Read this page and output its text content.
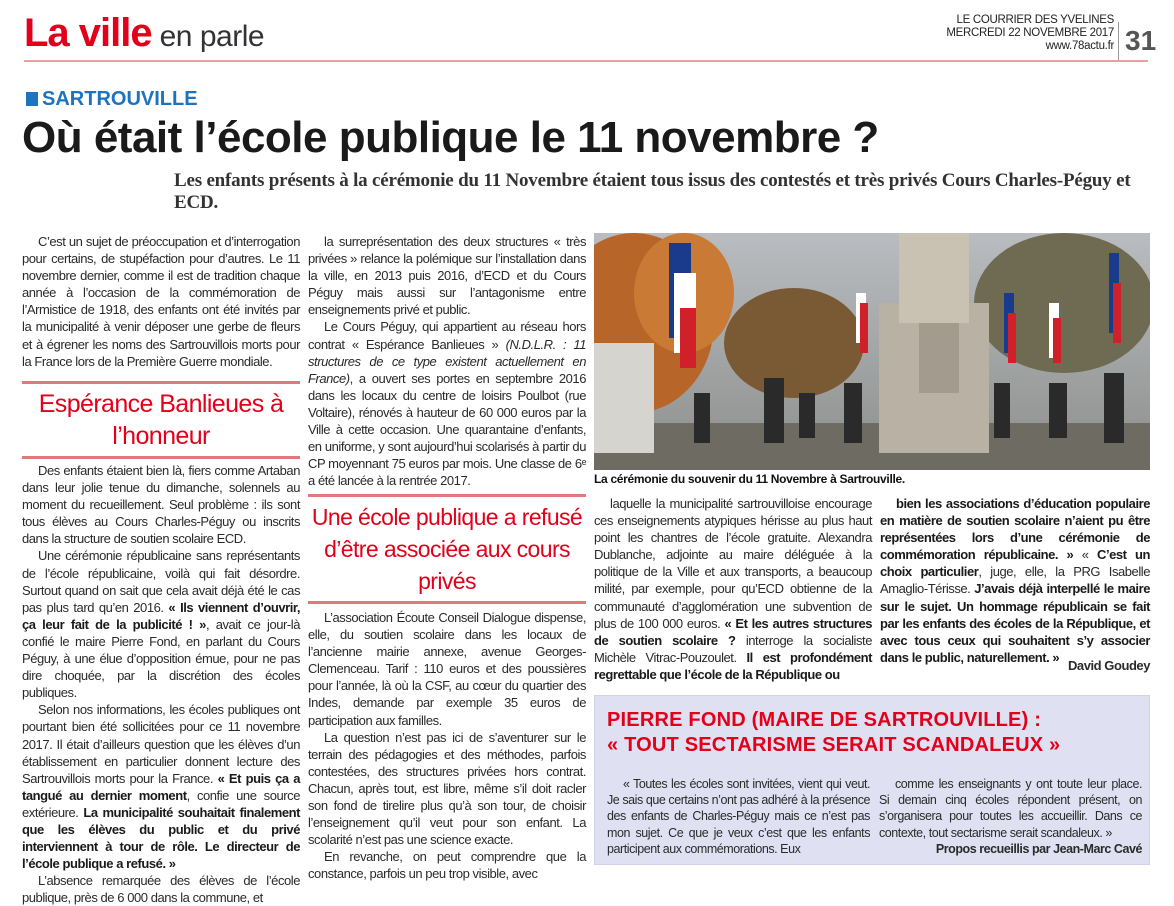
La ville en parle	LE COURRIER DES YVELINES
MERCREDI 22 NOVEMBRE 2017
www.78actu.fr 31
SARTROUVILLE
Où était l’école publique le 11 novembre ?
Les enfants présents à la cérémonie du 11 Novembre étaient tous issus des contestés et très privés Cours Charles-Péguy et ECD.

C’est un sujet de préoccupation et d’interrogation pour certains, de stupéfaction pour d’autres. Le 11 novembre dernier, comme il est de tradition chaque année à l’occasion de la commémoration de l’Armistice de 1918, des enfants ont été invités par la municipalité à venir déposer une gerbe de fleurs et à égrener les noms des Sartrouvillois morts pour la France lors de la Première Guerre mondiale.

Espérance Banlieues à l’honneur

Des enfants étaient bien là, fiers comme Artaban dans leur jolie tenue du dimanche, solennels au moment du recueillement. Seul problème : ils sont tous élèves au Cours Charles-Péguy ou inscrits dans la structure de soutien scolaire ECD.

Une cérémonie républicaine sans représentants de l’école républicaine, voilà qui fait désordre. Surtout quand on sait que cela avait déjà été le cas pas plus tard qu’en 2016. « Ils viennent d’ouvrir, ça leur fait de la publicité ! », avait ce jour-là confié le maire Pierre Fond, en parlant du Cours Péguy, à une élue d’opposition émue, pour ne pas dire choquée, par la discrétion des écoles publiques.

Selon nos informations, les écoles publiques ont pourtant bien été sollicitées pour ce 11 novembre 2017. Il était d’ailleurs question que les élèves d’un établissement en particulier donnent lecture des Sartrouvillois morts pour la France. « Et puis ça a tangué au dernier moment, confie une source extérieure. La municipalité souhaitait finalement que les élèves du public et du privé interviennent à tour de rôle. Le directeur de l’école publique a refusé. »

L’absence remarquée des élèves de l’école publique, près de 6 000 dans la commune, et

la surreprésentation des deux structures « très privées » relance la polémique sur l’installation dans la ville, en 2013 puis 2016, d’ECD et du Cours Péguy mais aussi sur l’antagonisme entre enseignements privé et public.

Le Cours Péguy, qui appartient au réseau hors contrat « Espérance Banlieues » (N.D.L.R. : 11 structures de ce type existent actuellement en France), a ouvert ses portes en septembre 2016 dans les locaux du centre de loisirs Poulbot (rue Voltaire), rénovés à hauteur de 60 000 euros par la Ville à cette occasion. Une quarantaine d’enfants, en uniforme, y sont aujourd’hui scolarisés à partir du CP moyennant 75 euros par mois. Une classe de 6ᵉ a été lancée à la rentrée 2017.

Une école publique a refusé d’être associée aux cours privés

L’association Écoute Conseil Dialogue dispense, elle, du soutien scolaire dans les locaux de l’ancienne mairie annexe, avenue Georges-Clemenceau. Tarif : 110 euros et des poussières pour l’année, là où la CSF, au cœur du quartier des Indes, demande par exemple 35 euros de participation aux familles.

La question n’est pas ici de s’aventurer sur le terrain des pédagogies et des méthodes, parfois contestées, des structures privées hors contrat. Chacun, après tout, est libre, même s’il doit racler son fond de tirelire plus qu’à son tour, de choisir l’enseignement qu’il veut pour son enfant. La scolarité n’est pas une science exacte.

En revanche, on peut comprendre que la constance, parfois un peu trop visible, avec

La cérémonie du souvenir du 11 Novembre à Sartrouville.

laquelle la municipalité sartrouvilloise encourage ces enseignements atypiques hérisse au plus haut point les chantres de l’école gratuite. Alexandra Dublanche, adjointe au maire déléguée à la politique de la Ville et aux transports, a beaucoup milité, par exemple, pour qu’ECD obtienne de la communauté d’agglomération une subvention de plus de 100 000 euros. « Et les autres structures de soutien scolaire ? interroge la socialiste Michèle Vitrac-Pouzoulet. Il est profondément regrettable que l’école de la République ou

bien les associations d’éducation populaire en matière de soutien scolaire n’aient pu être représentées lors d’une cérémonie de commémoration républicaine. » « C’est un choix particulier, juge, elle, la PRG Isabelle Amaglio-Térisse. J’avais déjà interpellé le maire sur le sujet. Un hommage républicain se fait par les enfants des écoles de la République, et avec tous ceux qui souhaitent s’y associer dans le public, naturellement. »

David Goudey
PIERRE FOND (MAIRE DE SARTROUVILLE) :
« TOUT SECTARISME SERAIT SCANDALEUX »

« Toutes les écoles sont invitées, vient qui veut. Je sais que certains n’ont pas adhéré à la présence des enfants de Charles-Péguy mais ce n’est pas mon sujet. Ce que je veux c’est que les enfants participent aux commémorations. Eux

comme les enseignants y ont toute leur place. Si demain cinq écoles répondent présent, on s’organisera pour toutes les accueillir. Dans ce contexte, tout sectarisme serait scandaleux. »

Propos recueillis par Jean-Marc Cavé
